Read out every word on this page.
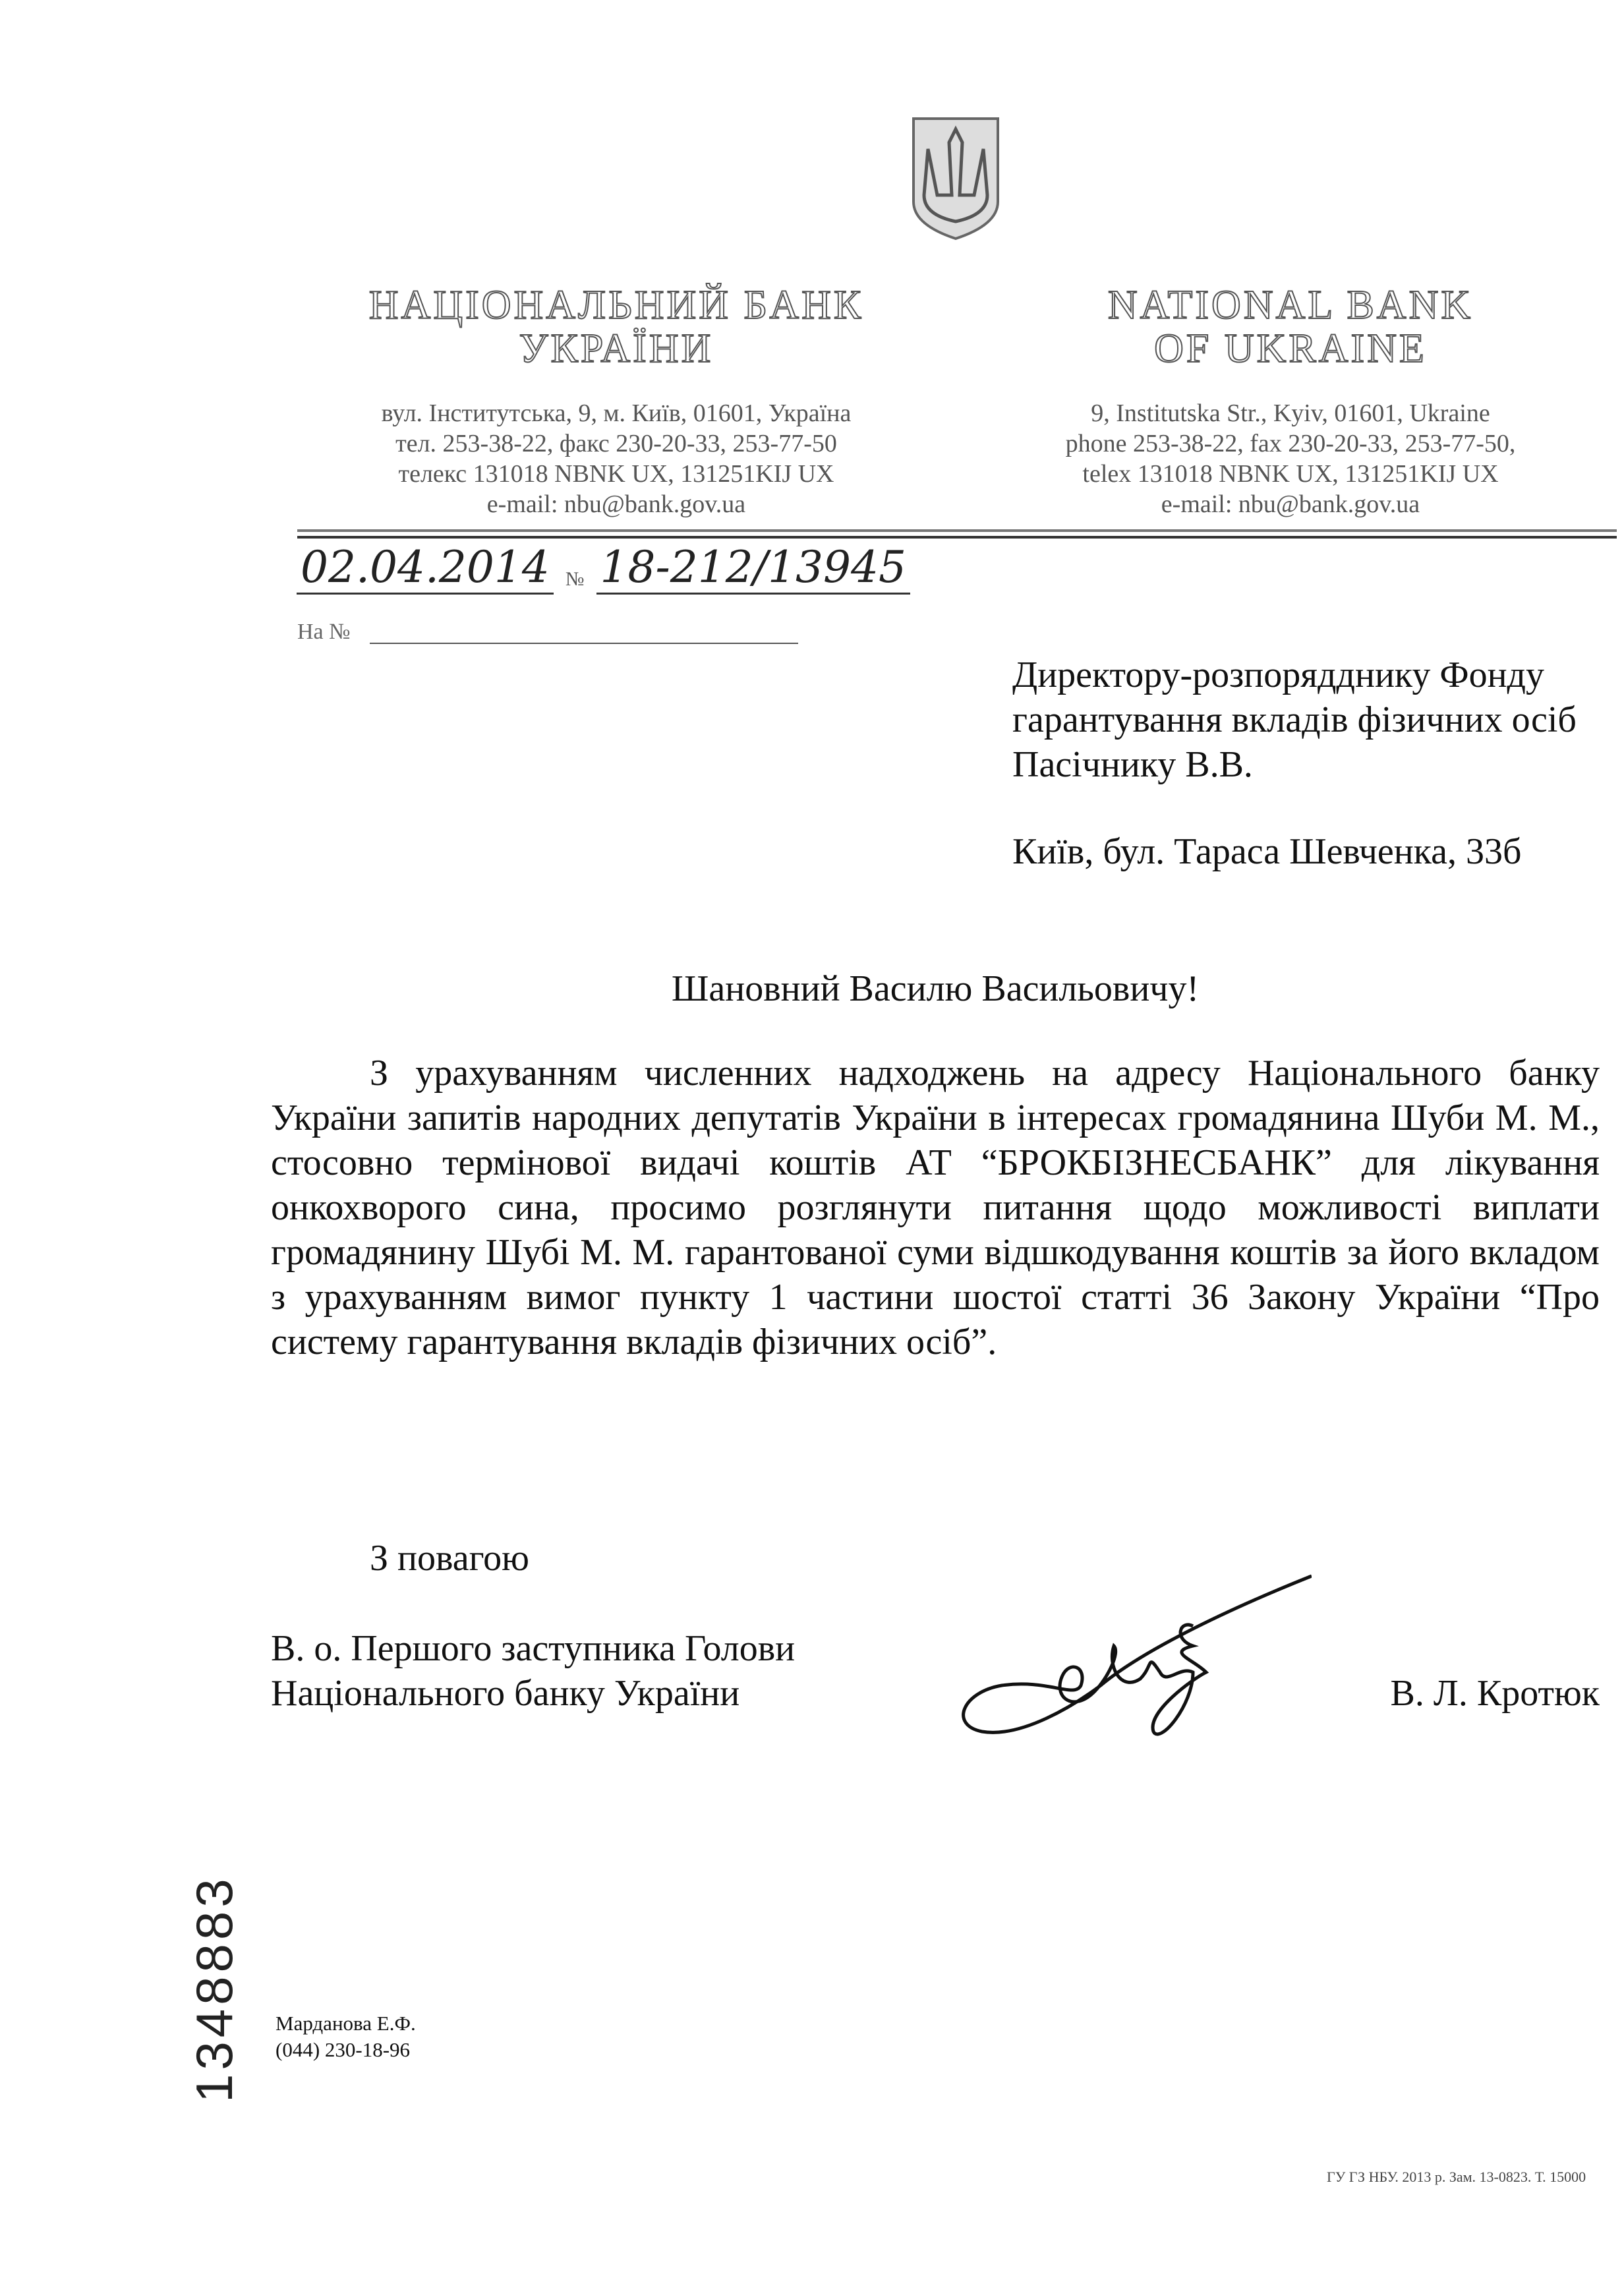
НАЦІОНАЛЬНИЙ БАНК
УКРАЇНИ
NATIONAL BANK
OF UKRAINE
вул. Інститутська, 9, м. Київ, 01601, Україна
тел. 253-38-22, факс 230-20-33, 253-77-50
телекс 131018 NBNK UX, 131251KIJ UX
e-mail: nbu@bank.gov.ua
9, Institutska Str., Kyiv, 01601, Ukraine
phone 253-38-22, fax 230-20-33, 253-77-50,
telex 131018 NBNK UX, 131251KIJ UX
e-mail: nbu@bank.gov.ua
02.04.2014 № 18-212/13945
На №
Директору-розпорядднику Фонду
гарантування вкладів фізичних осіб
Пасічнику В.В.
Київ, бул. Тараса Шевченка, 33б
Шановний Василю Васильовичу!
З урахуванням численних надходжень на адресу Національного банку України запитів народних депутатів України в інтересах громадянина Шуби М. М., стосовно термінової видачі коштів АТ “БРОКБІЗНЕСБАНК” для лікування онкохворого сина, просимо розглянути питання щодо можливості виплати громадянину Шубі М. М. гарантованої суми відшкодування коштів за його вкладом з урахуванням вимог пункту 1 частини шостої статті 36 Закону України “Про систему гарантування вкладів фізичних осіб”.
З повагою
В. о. Першого заступника Голови
Національного банку України	В. Л. Кротюк
1348883 Марданова Е.Ф.
(044) 230-18-96
ГУ ГЗ НБУ. 2013 р. Зам. 13-0823. Т. 15000
